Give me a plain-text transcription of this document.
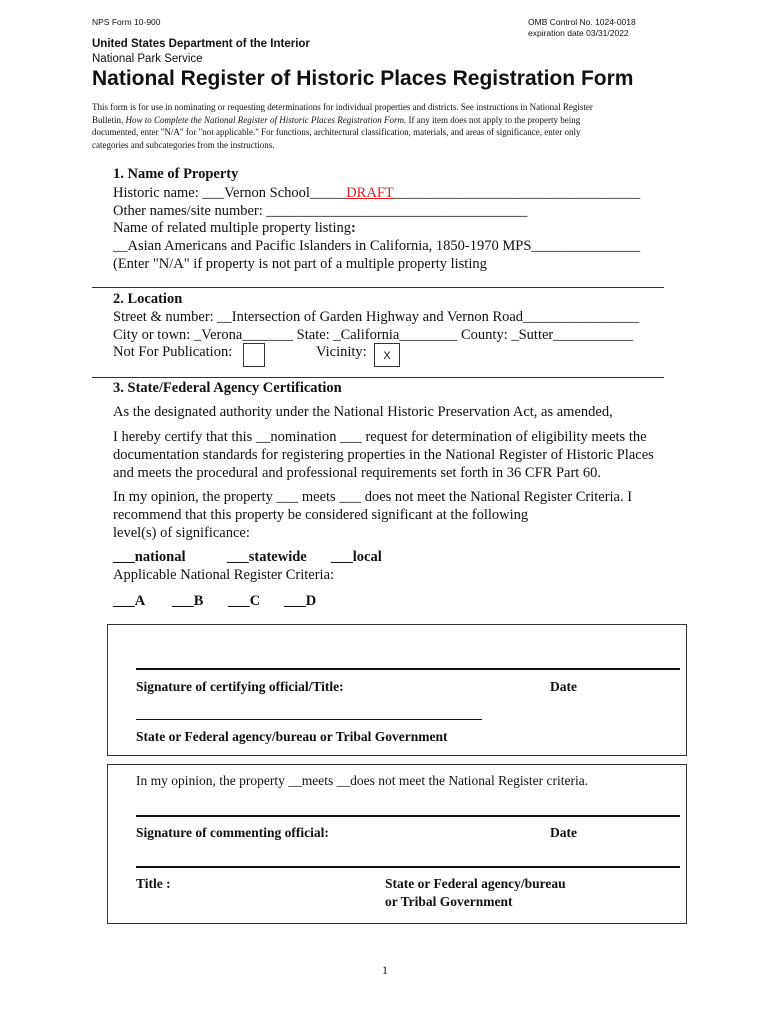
NPS Form 10-900	OMB Control No. 1024-0018
expiration date 03/31/2022
United States Department of the Interior
National Park Service
National Register of Historic Places Registration Form
This form is for use in nominating or requesting determinations for individual properties and districts. See instructions in National Register
Bulletin, How to Complete the National Register of Historic Places Registration Form. If any item does not apply to the property being
documented, enter "N/A" for "not applicable." For functions, architectural classification, materials, and areas of significance, enter only
categories and subcategories from the instructions.
1. Name of Property
Historic name: ___Vernon School_____DRAFT__________________________________
Other names/site number: ____________________________________
Name of related multiple property listing:
__Asian Americans and Pacific Islanders in California, 1850-1970 MPS_______________
(Enter "N/A" if property is not part of a multiple property listing
2. Location
Street & number: __Intersection of Garden Highway and Vernon Road________________
City or town: _Verona_______ State: _California________ County: _Sutter___________
Not For Publication:	Vicinity:	X
3. State/Federal Agency Certification
As the designated authority under the National Historic Preservation Act, as amended,
I hereby certify that this __nomination ___ request for determination of eligibility meets the
documentation standards for registering properties in the National Register of Historic Places
and meets the procedural and professional requirements set forth in 36 CFR Part 60.
In my opinion, the property ___ meets ___ does not meet the National Register Criteria. I
recommend that this property be considered significant at the following
level(s) of significance:
___national	___statewide ___local
Applicable National Register Criteria:
___A ___B ___C ___D
Signature of certifying official/Title:	Date
State or Federal agency/bureau or Tribal Government
In my opinion, the property __meets __does not meet the National Register criteria.
Signature of commenting official:	Date
Title :	State or Federal agency/bureau
or Tribal Government
1
